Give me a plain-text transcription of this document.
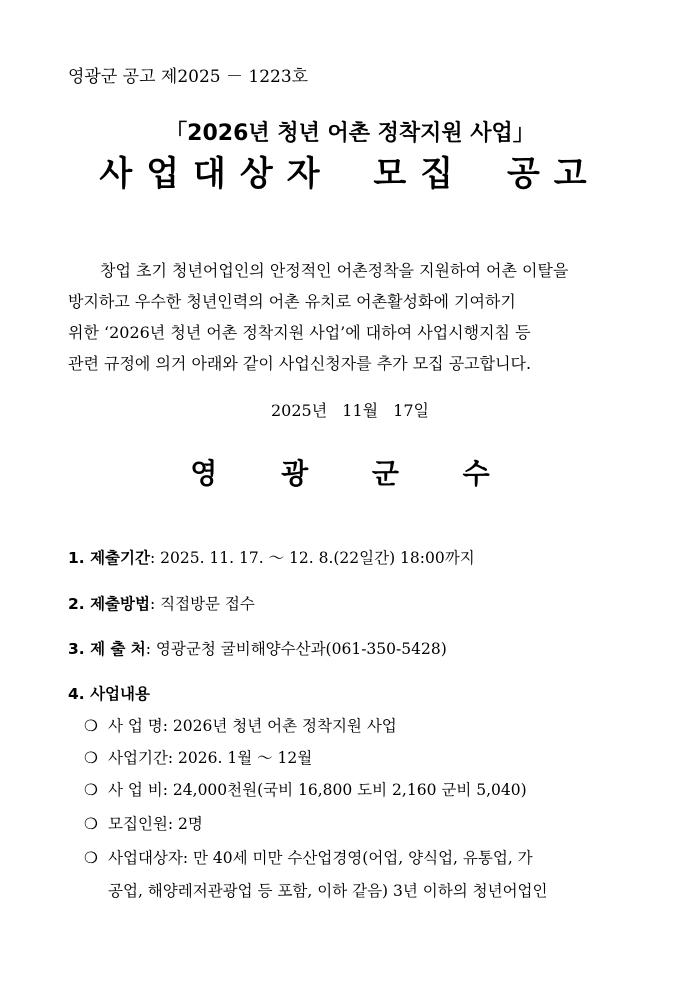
영광군 공고 제2025 － 1223호
「2026년 청년 어촌 정착지원 사업」
사업대상자 모집 공고
창업 초기 청년어업인의 안정적인 어촌정착을 지원하여 어촌 이탈을
방지하고 우수한 청년인력의 어촌 유치로 어촌활성화에 기여하기
위한 ‘2026년 청년 어촌 정착지원 사업’에 대하여 사업시행지침 등
관련 규정에 의거 아래와 같이 사업신청자를 추가 모집 공고합니다.
2025년 11월 17일
영 광 군 수
1. 제출기간: 2025. 11. 17. ～ 12. 8.(22일간) 18:00까지
2. 제출방법: 직접방문 접수
3. 제 출 처: 영광군청 굴비해양수산과(061-350-5428)
4. 사업내용
❍ 사 업 명: 2026년 청년 어촌 정착지원 사업
❍ 사업기간: 2026. 1월 ～ 12월
❍ 사 업 비: 24,000천원(국비 16,800 도비 2,160 군비 5,040)
❍ 모집인원: 2명
❍ 사업대상자: 만 40세 미만 수산업경영(어업, 양식업, 유통업, 가
공업, 해양레저관광업 등 포함, 이하 같음) 3년 이하의 청년어업인
